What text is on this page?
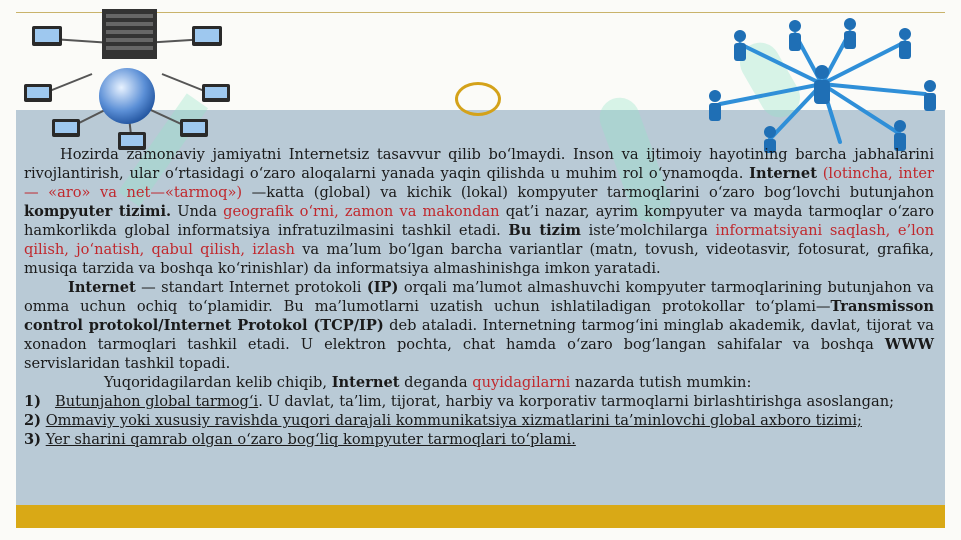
Hozirda zamonaviy jamiyatni Internetsiz tasavvur qilib bo‘lmaydi. Inson va ijtimoiy hayotining barcha jabhalarini rivojlantirish, ular o‘rtasidagi o‘zaro aloqalarni yanada yaqin qilishda u muhim rol o‘ynamoqda. Internet (lotincha, inter — «aro» va net—«tarmoq») —katta (global) va kichik (lokal) kompyuter tarmoqlarini o‘zaro bog‘lovchi butunjahon kompyuter tizimi. Unda geografik o‘rni, zamon va makondan qat’i nazar, ayrim kompyuter va mayda tarmoqlar o‘zaro hamkorlikda global informatsiya infratuzilmasini tashkil etadi. Bu tizim iste’molchilarga informatsiyani saqlash, e’lon qilish, jo‘natish, qabul qilish, izlash va ma’lum bo‘lgan barcha variantlar (matn, tovush, videotasvir, fotosurat, grafika, musiqa tarzida va boshqa ko‘rinishlar) da informatsiya almashinishga imkon yaratadi.

Internet — standart Internet protokoli (IP) orqali ma’lumot almashuvchi kompyuter tarmoqlarining butunjahon va omma uchun ochiq to‘plamidir. Bu ma’lumotlarni uzatish uchun ishlatiladigan protokollar to‘plami—Transmisson control protokol/Internet Protokol (TCP/IP) deb ataladi. Internetning tarmog‘ini minglab akademik, davlat, tijorat va xonadon tarmoqlari tashkil etadi. U elektron pochta, chat hamda o‘zaro bog‘langan sahifalar va boshqa WWW servislaridan tashkil topadi.

Yuqoridagilardan kelib chiqib, Internet deganda quyidagilarni nazarda tutish mumkin:

1) Butunjahon global tarmog‘i. U davlat, ta’lim, tijorat, harbiy va korporativ tarmoqlarni birlashtirishga asoslangan;

2) Ommaviy yoki xususiy ravishda yuqori darajali kommunikatsiya xizmatlarini ta’minlovchi global axboro tizimi;

3) Yer sharini qamrab olgan o‘zaro bog‘liq kompyuter tarmoqlari to‘plami.
